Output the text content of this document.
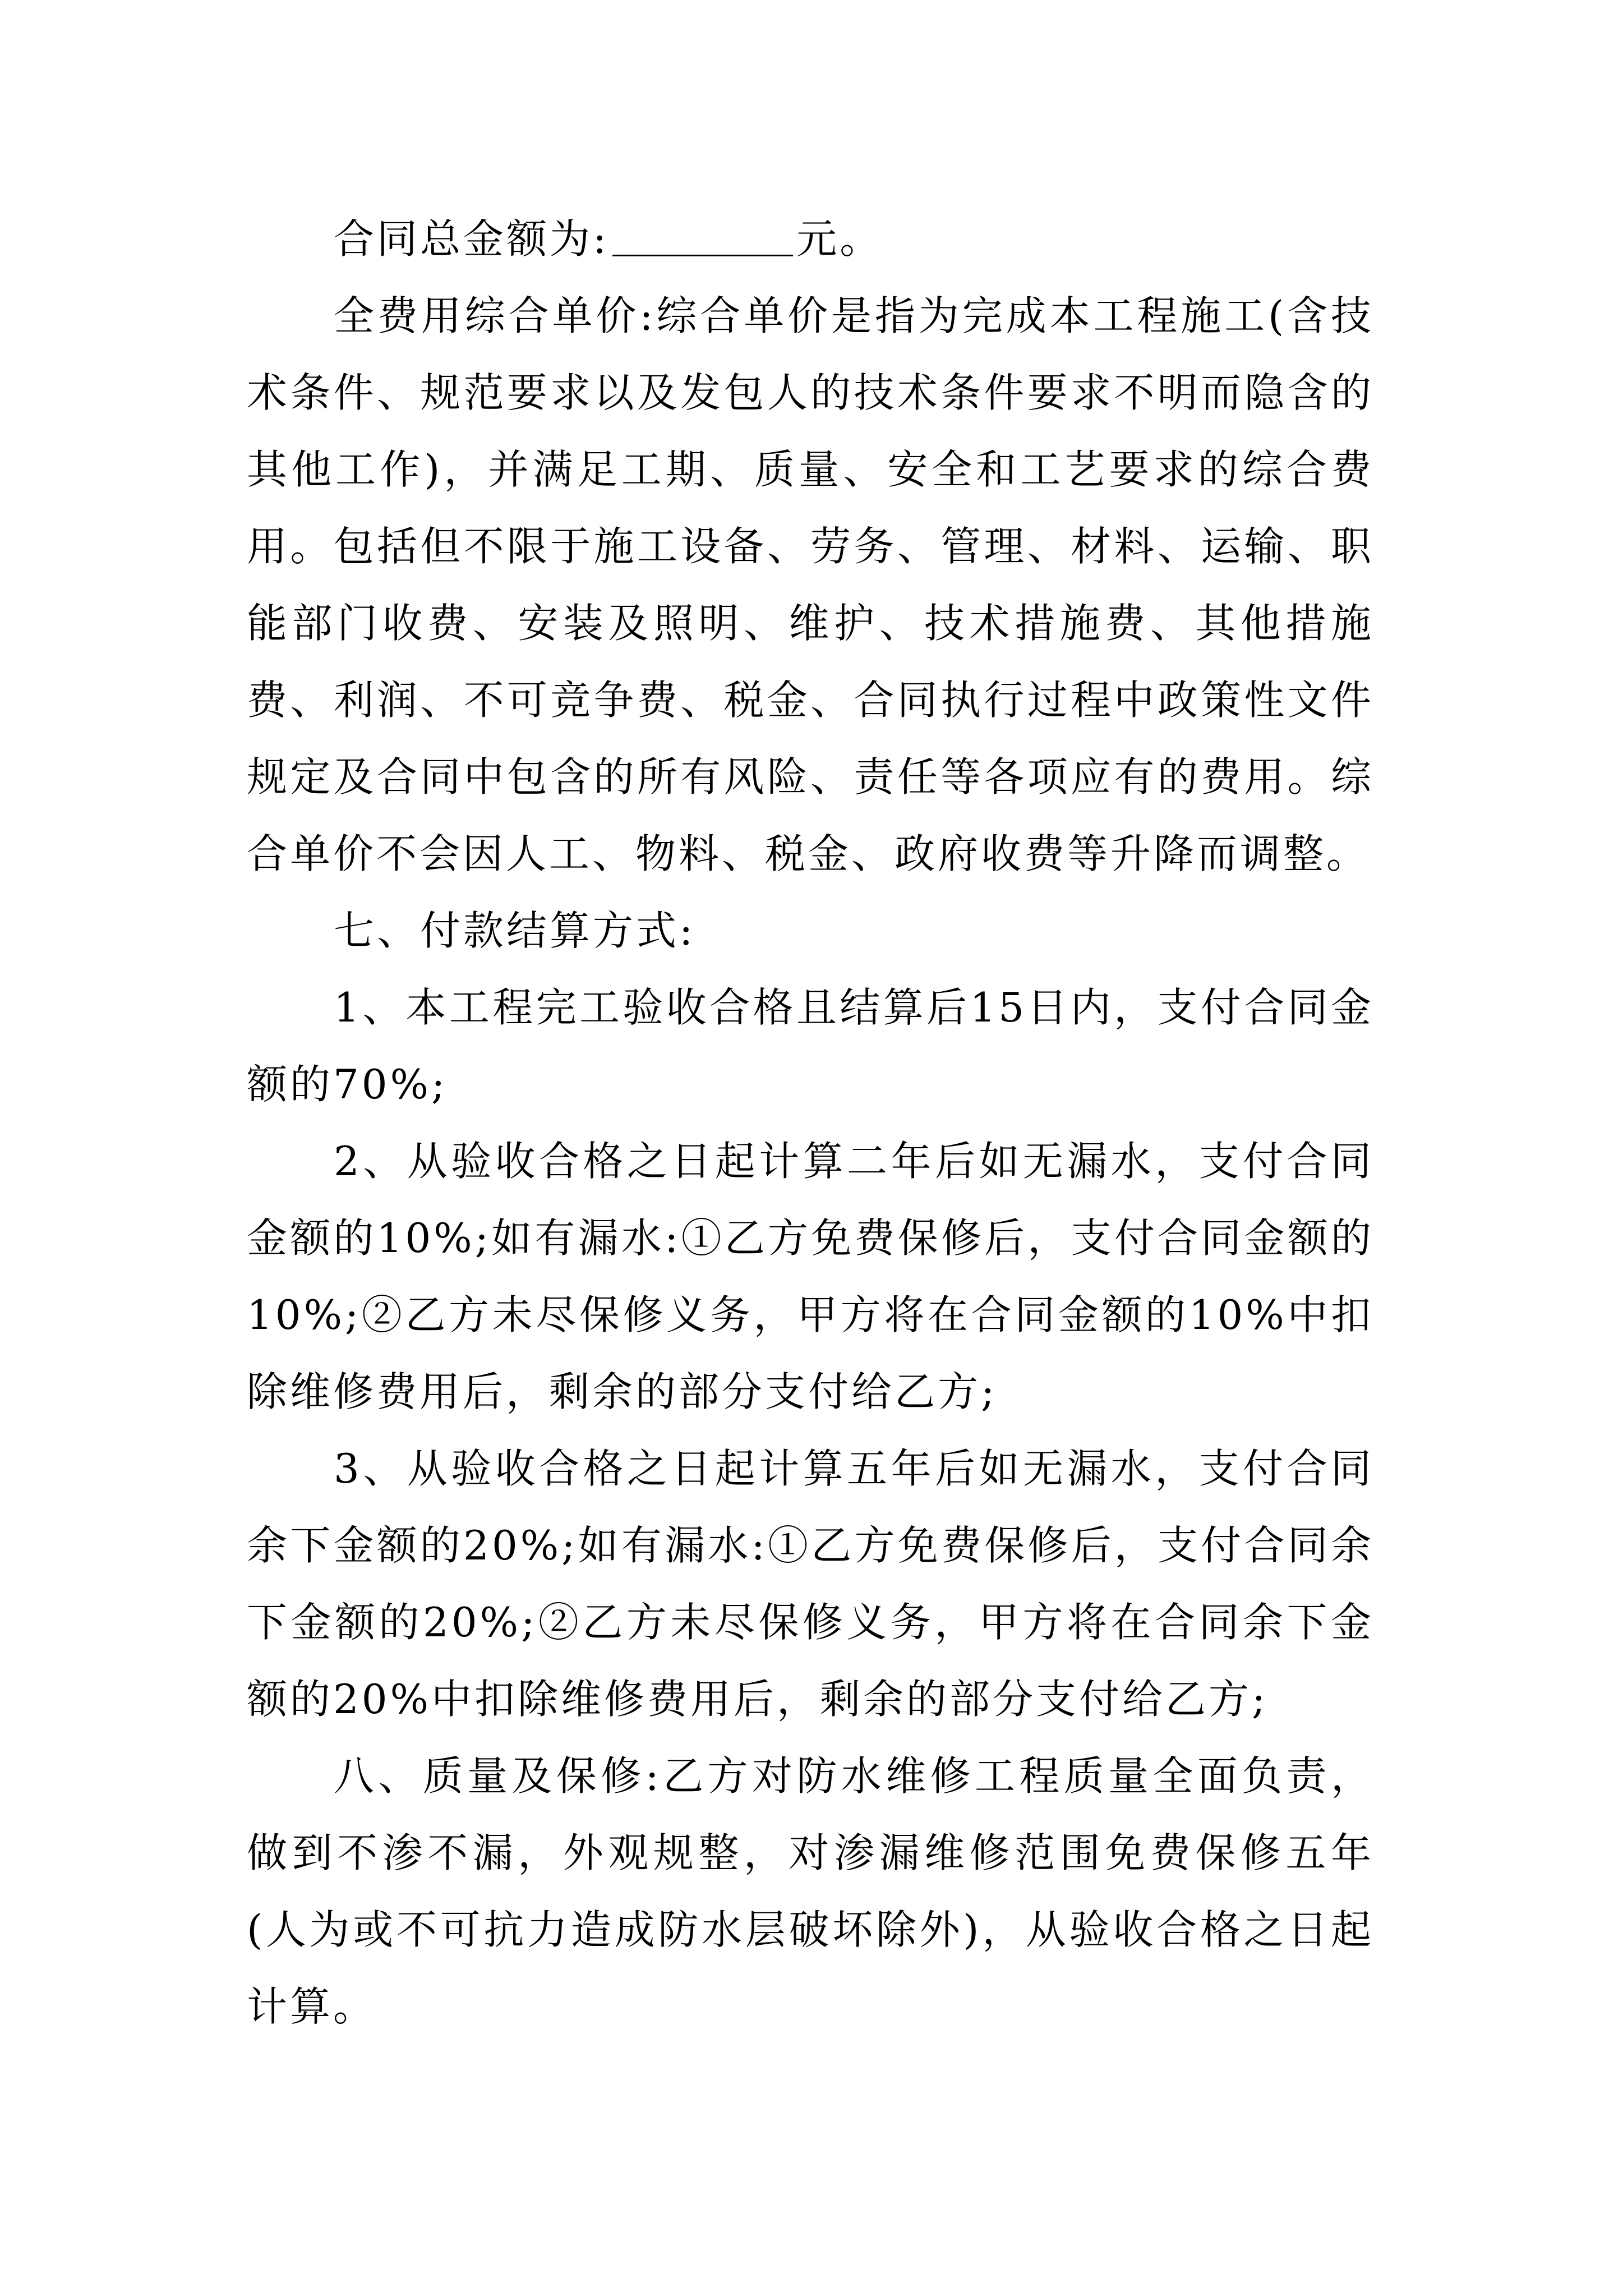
合同总金额为:	元。

全费用综合单价:综合单价是指为完成本工程施工(含技术条件、规范要求以及发包人的技术条件要求不明而隐含的其他工作)，并满足工期、质量、安全和工艺要求的综合费用。包括但不限于施工设备、劳务、管理、材料、运输、职能部门收费、安装及照明、维护、技术措施费、其他措施费、利润、不可竞争费、税金、合同执行过程中政策性文件规定及合同中包含的所有风险、责任等各项应有的费用。综合单价不会因人工、物料、税金、政府收费等升降而调整。

七、付款结算方式:

1、本工程完工验收合格且结算后15日内，支付合同金额的70%;

2、从验收合格之日起计算二年后如无漏水，支付合同金额的10%;如有漏水:①乙方免费保修后，支付合同金额的10%;②乙方未尽保修义务，甲方将在合同金额的10%中扣除维修费用后，剩余的部分支付给乙方;

3、从验收合格之日起计算五年后如无漏水，支付合同余下金额的20%;如有漏水:①乙方免费保修后，支付合同余下金额的20%;②乙方未尽保修义务，甲方将在合同余下金额的20%中扣除维修费用后，剩余的部分支付给乙方;

八、质量及保修:乙方对防水维修工程质量全面负责，做到不渗不漏，外观规整，对渗漏维修范围免费保修五年(人为或不可抗力造成防水层破坏除外)，从验收合格之日起计算。
